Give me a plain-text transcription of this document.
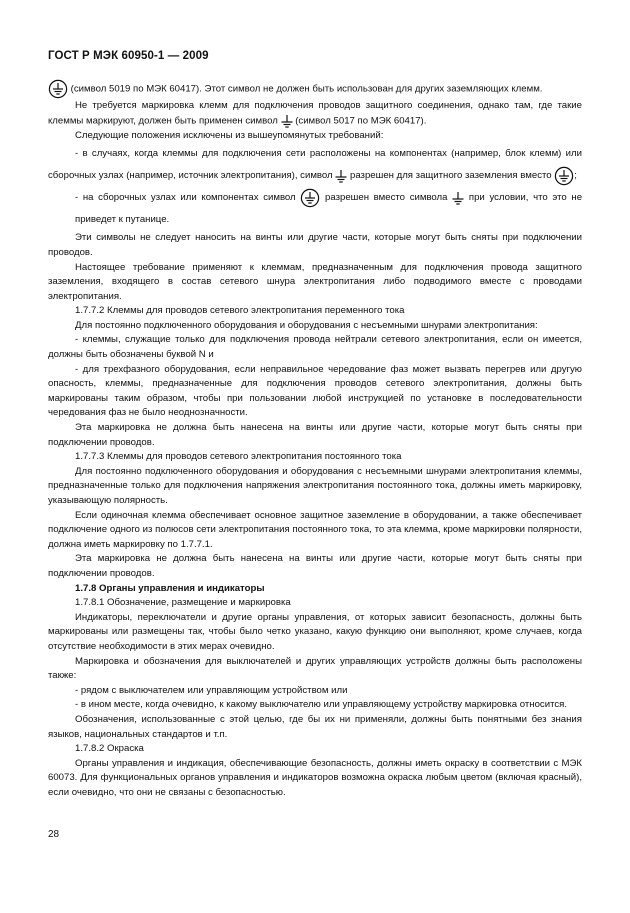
ГОСТ Р МЭК 60950-1 — 2009

(символ 5019 по МЭК 60417). Этот символ не должен быть использован для других заземляющих клемм.

Не требуется маркировка клемм для подключения проводов защитного соединения, однако там, где такие клеммы маркируют, должен быть применен символ (символ 5017 по МЭК 60417).

Следующие положения исключены из вышеупомянутых требований:

- в случаях, когда клеммы для подключения сети расположены на компонентах (например, блок клемм) или сборочных узлах (например, источник электропитания), символ разрешен для защитного заземления вместо ;

- на сборочных узлах или компонентах символ	разрешен вместо символа при условии, что это не приведет к путанице.

Эти символы не следует наносить на винты или другие части, которые могут быть сняты при подключении проводов.

Настоящее требование применяют к клеммам, предназначенным для подключения провода защитного заземления, входящего в состав сетевого шнура электропитания либо подводимого вместе с проводами электропитания.

1.7.7.2 Клеммы для проводов сетевого электропитания переменного тока

Для постоянно подключенного оборудования и оборудования с несъемными шнурами электропитания:

- клеммы, служащие только для подключения провода нейтрали сетевого электропитания, если он имеется, должны быть обозначены буквой N и

- для трехфазного оборудования, если неправильное чередование фаз может вызвать перегрев или другую опасность, клеммы, предназначенные для подключения проводов сетевого электропитания, должны быть маркированы таким образом, чтобы при пользовании любой инструкцией по установке в последовательности чередования фаз не было неоднозначности.

Эта маркировка не должна быть нанесена на винты или другие части, которые могут быть сняты при подключении проводов.

1.7.7.3 Клеммы для проводов сетевого электропитания постоянного тока

Для постоянно подключенного оборудования и оборудования с несъемными шнурами электропитания клеммы, предназначенные только для подключения напряжения электропитания постоянного тока, должны иметь маркировку, указывающую полярность.

Если одиночная клемма обеспечивает основное защитное заземление в оборудовании, а также обеспечивает подключение одного из полюсов сети электропитания постоянного тока, то эта клемма, кроме маркировки полярности, должна иметь маркировку по 1.7.7.1.

Эта маркировка не должна быть нанесена на винты или другие части, которые могут быть сняты при подключении проводов.

1.7.8 Органы управления и индикаторы

1.7.8.1 Обозначение, размещение и маркировка

Индикаторы, переключатели и другие органы управления, от которых зависит безопасность, должны быть маркированы или размещены так, чтобы было четко указано, какую функцию они выполняют, кроме случаев, когда отсутствие необходимости в этих мерах очевидно.

Маркировка и обозначения для выключателей и других управляющих устройств должны быть расположены также:

- рядом с выключателем или управляющим устройством или

- в ином месте, когда очевидно, к какому выключателю или управляющему устройству маркировка относится.

Обозначения, использованные с этой целью, где бы их ни применяли, должны быть понятными без знания языков, национальных стандартов и т.п.

1.7.8.2 Окраска

Органы управления и индикация, обеспечивающие безопасность, должны иметь окраску в соответствии с МЭК 60073. Для функциональных органов управления и индикаторов возможна окраска любым цветом (включая красный), если очевидно, что они не связаны с безопасностью.

28
